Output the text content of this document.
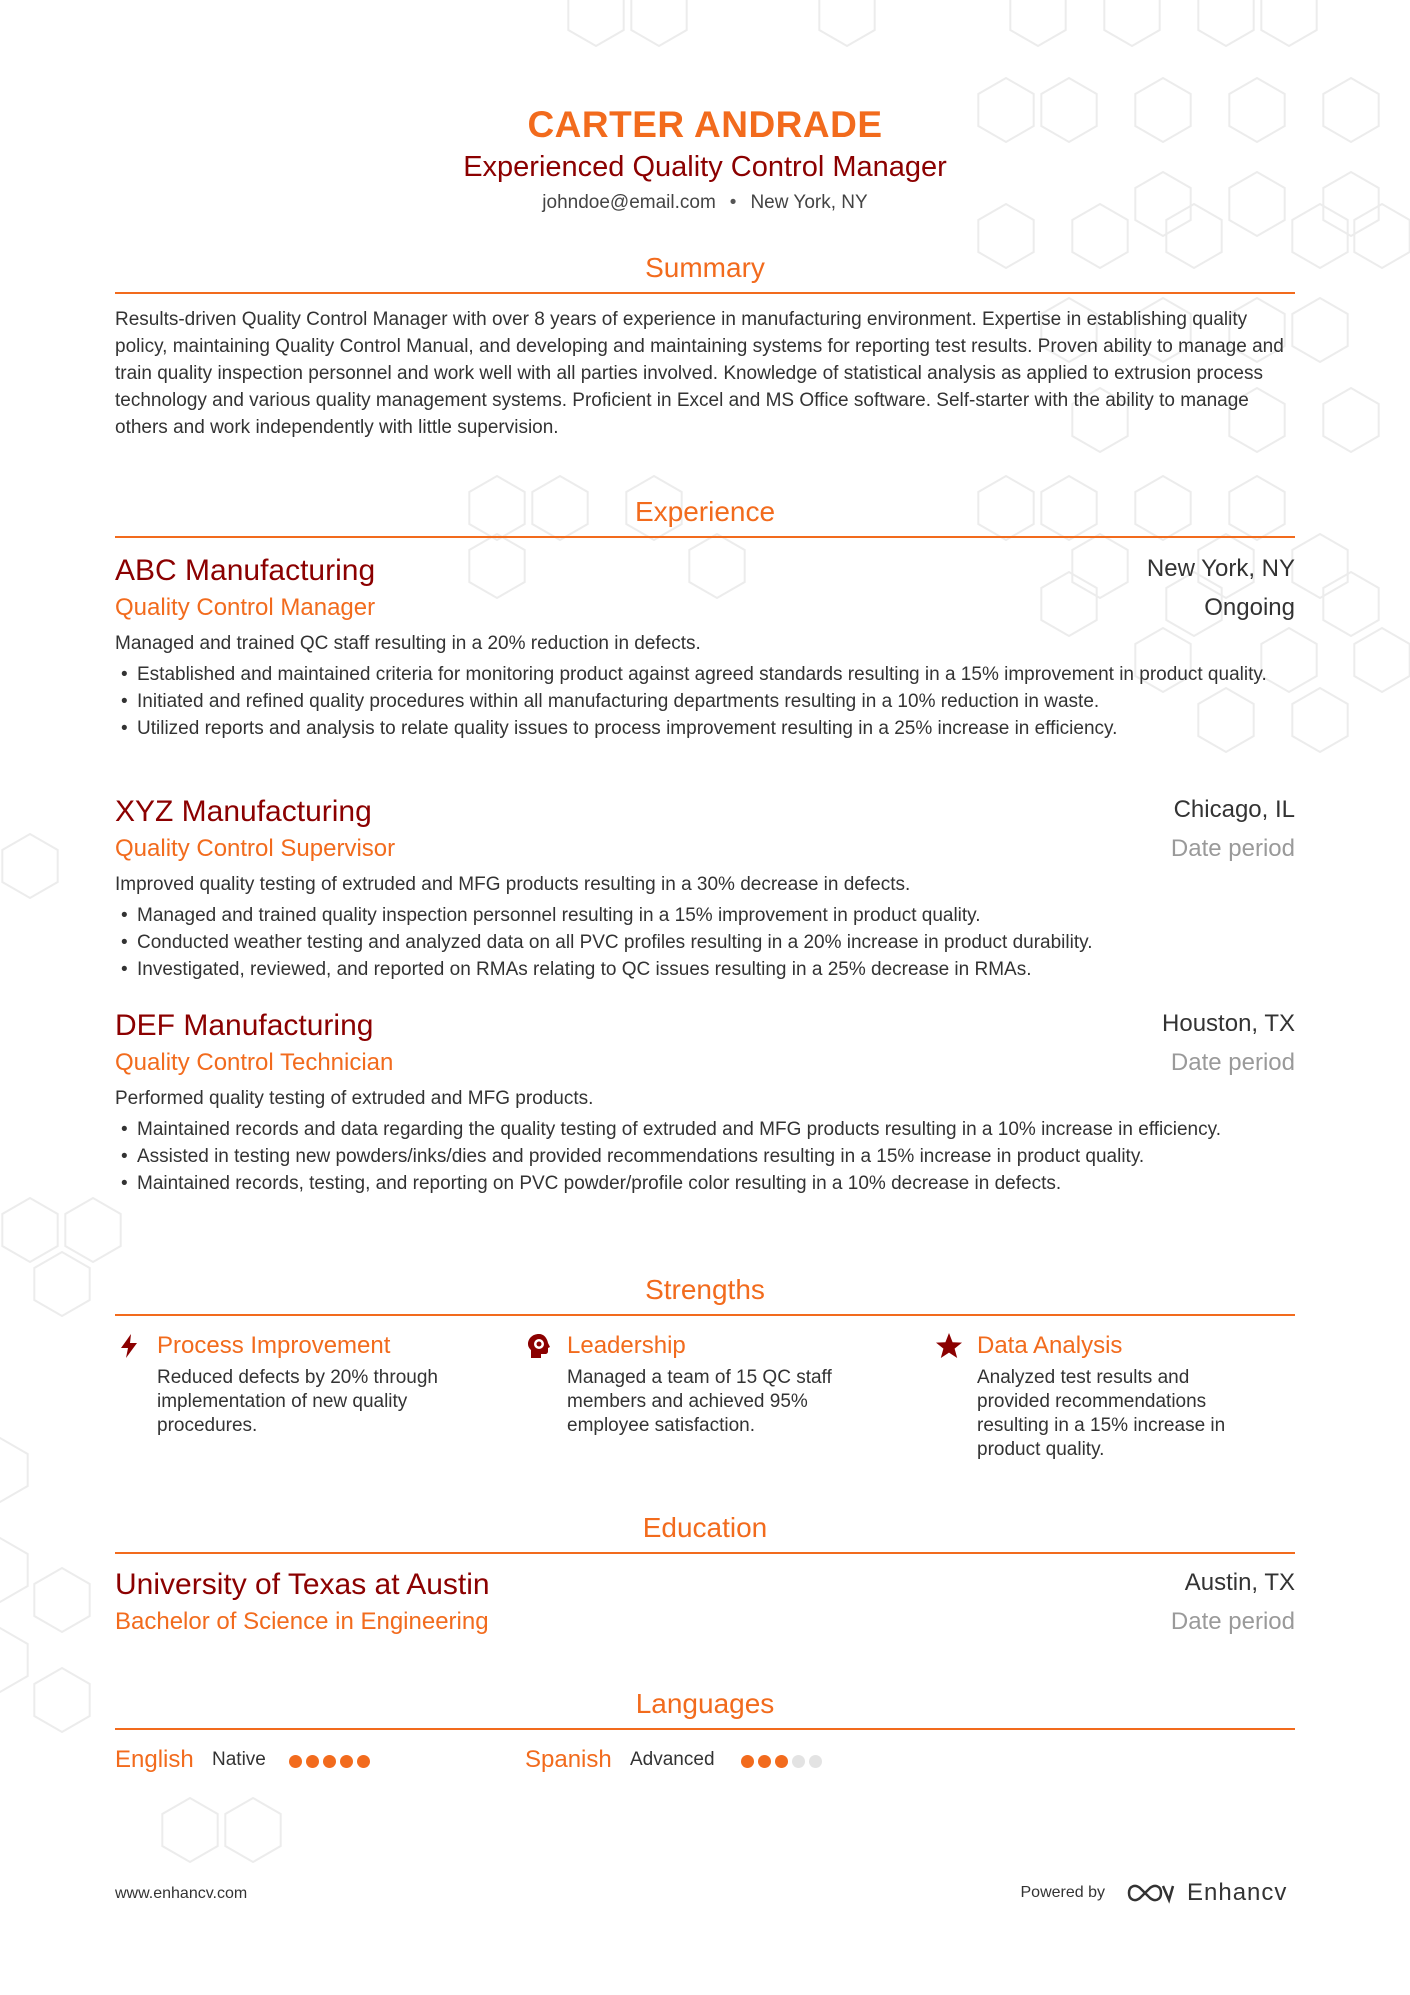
CARTER ANDRADE
Experienced Quality Control Manager
johndoe@email.com • New York, NY
Summary
Results-driven Quality Control Manager with over 8 years of experience in manufacturing environment. Expertise in establishing quality policy, maintaining Quality Control Manual, and developing and maintaining systems for reporting test results. Proven ability to manage and train quality inspection personnel and work well with all parties involved. Knowledge of statistical analysis as applied to extrusion process technology and various quality management systems. Proficient in Excel and MS Office software. Self-starter with the ability to manage others and work independently with little supervision.
Experience
ABC Manufacturing	New York, NY
Quality Control Manager	Ongoing
Managed and trained QC staff resulting in a 20% reduction in defects.
• Established and maintained criteria for monitoring product against agreed standards resulting in a 15% improvement in product quality.
• Initiated and refined quality procedures within all manufacturing departments resulting in a 10% reduction in waste.
• Utilized reports and analysis to relate quality issues to process improvement resulting in a 25% increase in efficiency.
XYZ Manufacturing	Chicago, IL
Quality Control Supervisor	Date period
Improved quality testing of extruded and MFG products resulting in a 30% decrease in defects.
• Managed and trained quality inspection personnel resulting in a 15% improvement in product quality.
• Conducted weather testing and analyzed data on all PVC profiles resulting in a 20% increase in product durability.
• Investigated, reviewed, and reported on RMAs relating to QC issues resulting in a 25% decrease in RMAs.
DEF Manufacturing	Houston, TX
Quality Control Technician	Date period
Performed quality testing of extruded and MFG products.
• Maintained records and data regarding the quality testing of extruded and MFG products resulting in a 10% increase in efficiency.
• Assisted in testing new powders/inks/dies and provided recommendations resulting in a 15% increase in product quality.
• Maintained records, testing, and reporting on PVC powder/profile color resulting in a 10% decrease in defects.
Strengths
Process Improvement
Reduced defects by 20% through implementation of new quality procedures.
Leadership
Managed a team of 15 QC staff members and achieved 95% employee satisfaction.
Data Analysis
Analyzed test results and provided recommendations resulting in a 15% increase in product quality.
Education
University of Texas at Austin	Austin, TX
Bachelor of Science in Engineering	Date period
Languages
English Native	Spanish Advanced
www.enhancv.com	Powered by	Enhancv
